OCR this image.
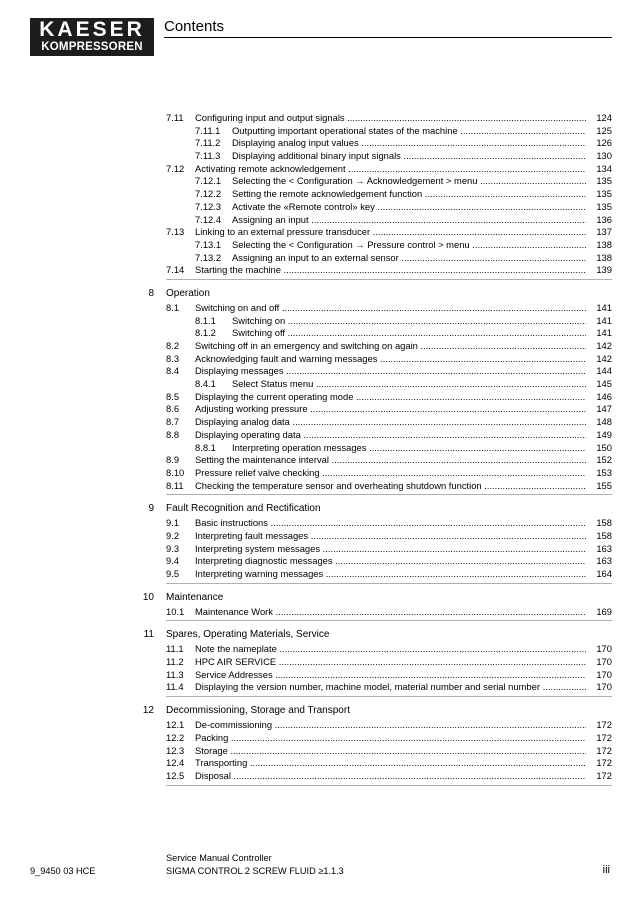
KAESER
KOMPRESSOREN
Contents
7.11 Configuring input and output signals .....	124
7.11.1 Outputting important operational states of the machine .....	125
7.11.2 Displaying analog input values .....	126
7.11.3 Displaying additional binary input signals .....	130
7.12 Activating remote acknowledgement .....	134
7.12.1 Selecting the < Configuration → Acknowledgement > menu .....	135
7.12.2 Setting the remote acknowledgement function .....	135
7.12.3 Activate the «Remote control» key .....	135
7.12.4 Assigning an input .....	136
7.13 Linking to an external pressure transducer .....	137
7.13.1 Selecting the < Configuration → Pressure control > menu .....	138
7.13.2 Assigning an input to an external sensor .....	138
7.14 Starting the machine .....	139
8 Operation
8.1 Switching on and off .....	141
8.1.1 Switching on .....	141
8.1.2 Switching off .....	141
8.2 Switching off in an emergency and switching on again .....	142
8.3 Acknowledging fault and warning messages .....	142
8.4 Displaying messages .....	144
8.4.1 Select Status menu .....	145
8.5 Displaying the current operating mode .....	146
8.6 Adjusting working pressure .....	147
8.7 Displaying analog data .....	148
8.8 Displaying operating data .....	149
8.8.1 Interpreting operation messages .....	150
8.9 Setting the maintenance interval .....	152
8.10 Pressure relief valve checking .....	153
8.11 Checking the temperature sensor and overheating shutdown function .....	155
9 Fault Recognition and Rectification
9.1 Basic instructions .....	158
9.2 Interpreting fault messages .....	158
9.3 Interpreting system messages .....	163
9.4 Interpreting diagnostic messages .....	163
9.5 Interpreting warning messages .....	164
10 Maintenance
10.1 Maintenance Work .....	169
11 Spares, Operating Materials, Service
11.1 Note the nameplate .....	170
11.2 HPC AIR SERVICE .....	170
11.3 Service Addresses .....	170
11.4 Displaying the version number, machine model, material number and serial number .....	170
12 Decommissioning, Storage and Transport
12.1 De-commissioning .....	172
12.2 Packing .....	172
12.3 Storage .....	172
12.4 Transporting .....	172
12.5 Disposal .....	172
9_9450 03 HCE
Service Manual Controller
SIGMA CONTROL 2 SCREW FLUID ≥1.1.3	iii
